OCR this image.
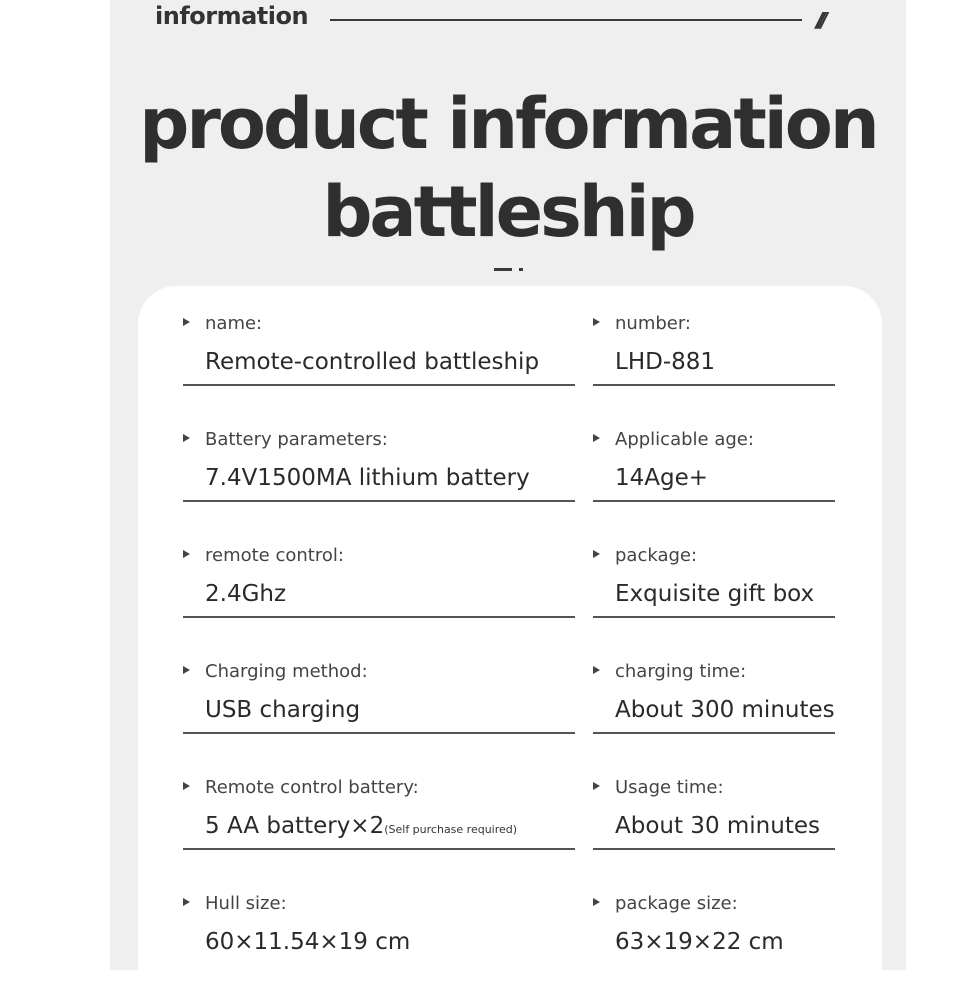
information	///
product information
battleship
name:
Remote-controlled battleship
number:
LHD-881
Battery parameters:
7.4V1500MA lithium battery
Applicable age:
14Age+
remote control:
2.4Ghz
package:
Exquisite gift box
Charging method:
USB charging
charging time:
About 300 minutes
Remote control battery:
5 AA battery×2(Self purchase required)
Usage time:
About 30 minutes
Hull size:
60×11.54×19 cm
package size:
63×19×22 cm
